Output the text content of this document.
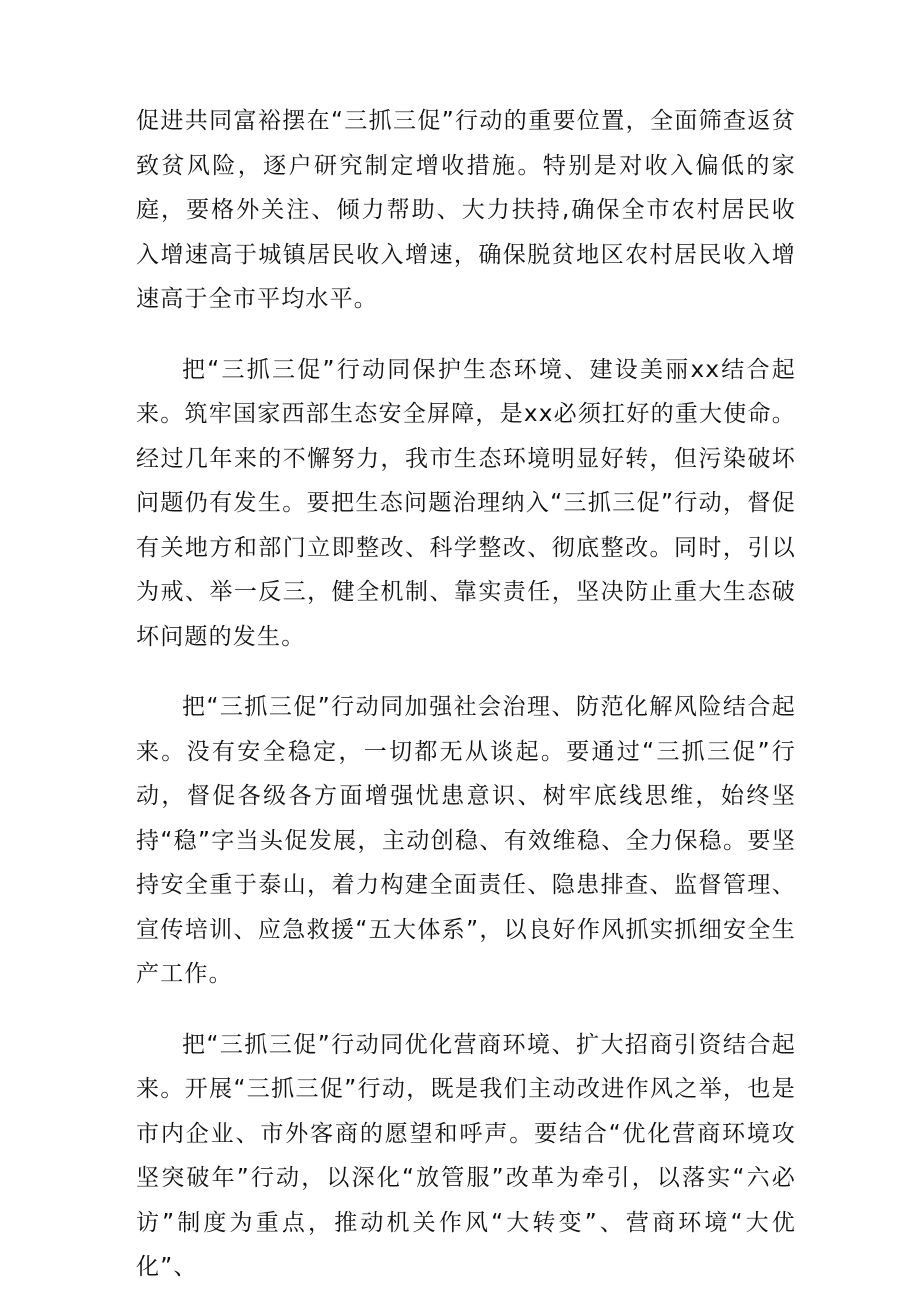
促进共同富裕摆在“三抓三促”行动的重要位置，全面筛查返贫致贫风险，逐户研究制定增收措施。特别是对收入偏低的家庭，要格外关注、倾力帮助、大力扶持,确保全市农村居民收入增速高于城镇居民收入增速，确保脱贫地区农村居民收入增速高于全市平均水平。

把“三抓三促”行动同保护生态环境、建设美丽xx结合起来。筑牢国家西部生态安全屏障，是xx必须扛好的重大使命。经过几年来的不懈努力，我市生态环境明显好转，但污染破坏问题仍有发生。要把生态问题治理纳入“三抓三促”行动，督促有关地方和部门立即整改、科学整改、彻底整改。同时，引以为戒、举一反三，健全机制、靠实责任，坚决防止重大生态破坏问题的发生。

把“三抓三促”行动同加强社会治理、防范化解风险结合起来。没有安全稳定，一切都无从谈起。要通过“三抓三促”行动，督促各级各方面增强忧患意识、树牢底线思维，始终坚持“稳”字当头促发展，主动创稳、有效维稳、全力保稳。要坚持安全重于泰山，着力构建全面责任、隐患排查、监督管理、宣传培训、应急救援“五大体系”，以良好作风抓实抓细安全生产工作。

把“三抓三促”行动同优化营商环境、扩大招商引资结合起来。开展“三抓三促”行动，既是我们主动改进作风之举，也是市内企业、市外客商的愿望和呼声。要结合“优化营商环境攻坚突破年”行动，以深化“放管服”改革为牵引，以落实“六必访”制度为重点，推动机关作风“大转变”、营商环境“大优化”、
